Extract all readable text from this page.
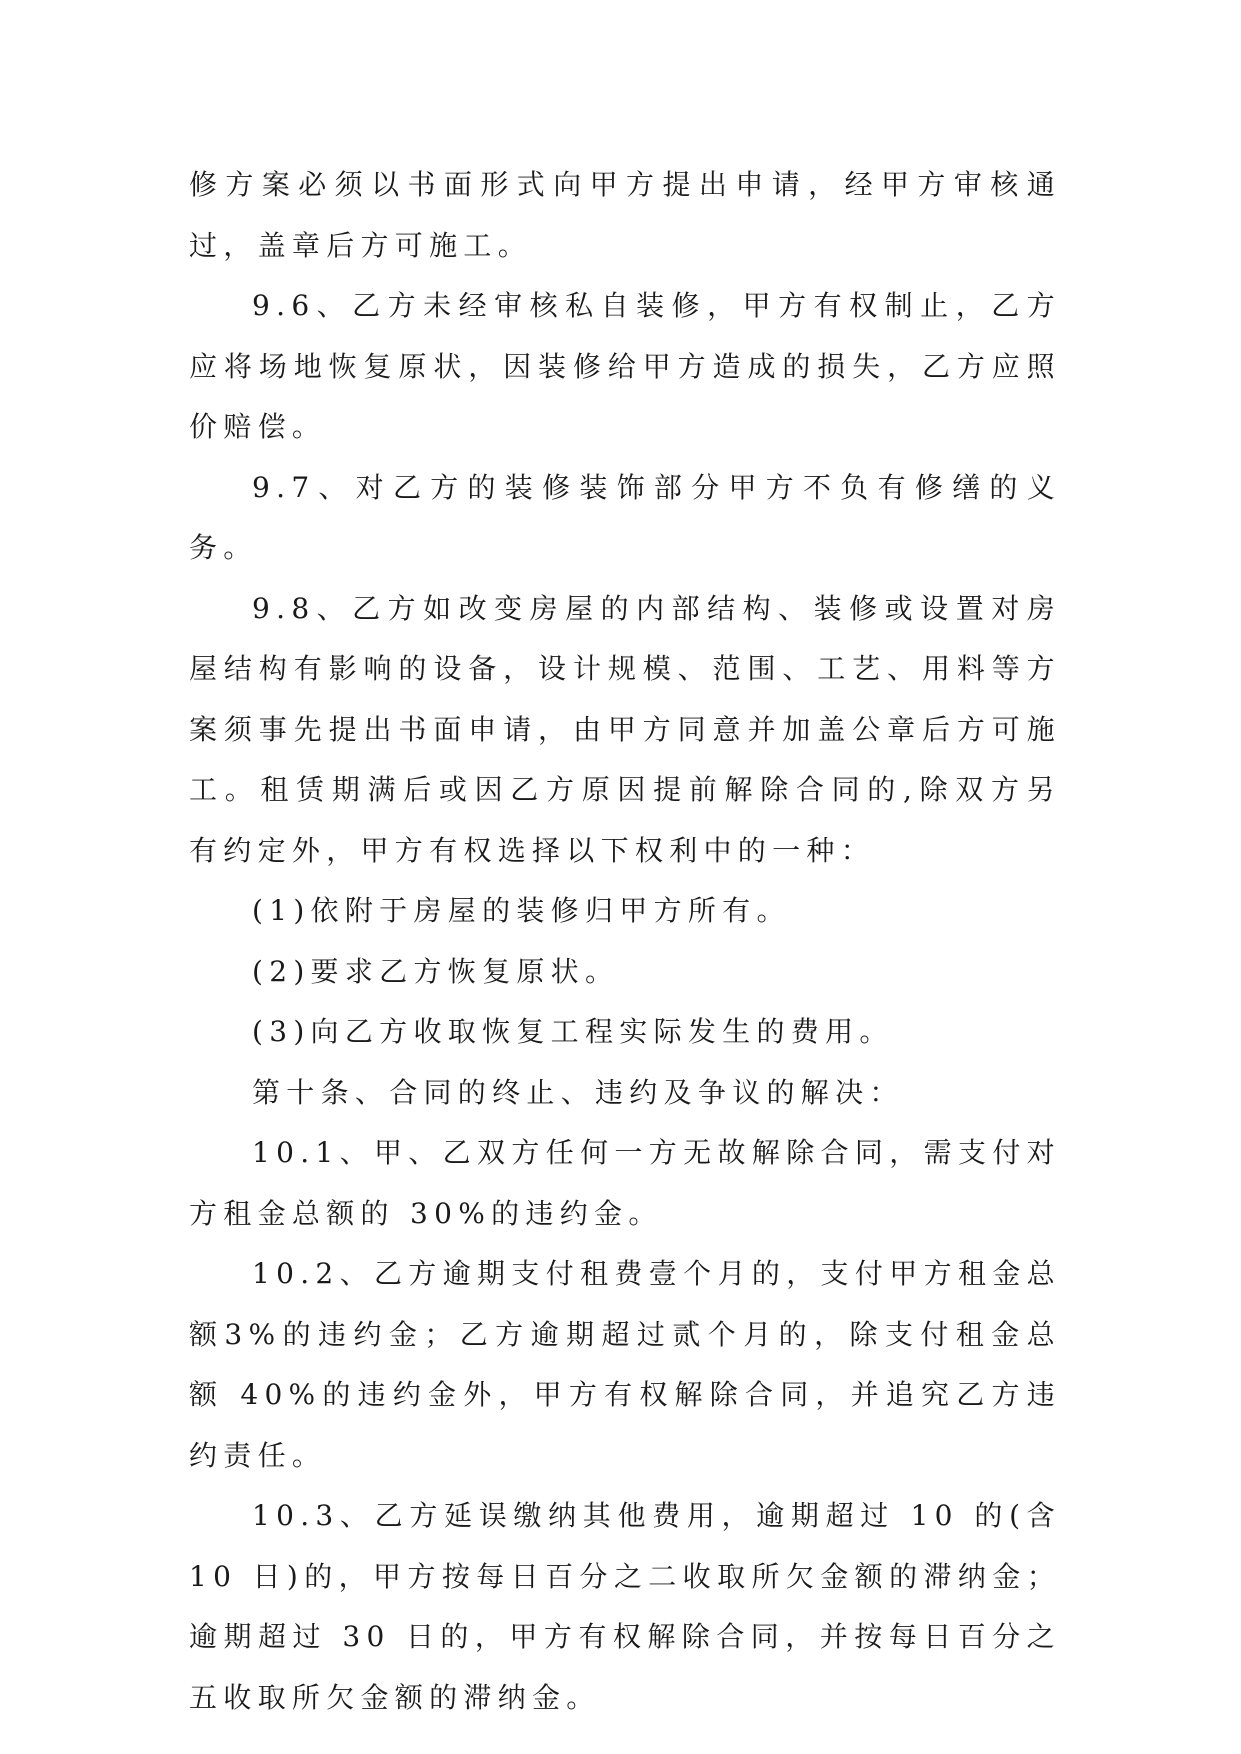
修方案必须以书面形式向甲方提出申请，经甲方审核通过，盖章后方可施工。

9.6、乙方未经审核私自装修，甲方有权制止，乙方应将场地恢复原状，因装修给甲方造成的损失，乙方应照价赔偿。

9.7、对乙方的装修装饰部分甲方不负有修缮的义务。

9.8、乙方如改变房屋的内部结构、装修或设置对房屋结构有影响的设备，设计规模、范围、工艺、用料等方案须事先提出书面申请，由甲方同意并加盖公章后方可施工。租赁期满后或因乙方原因提前解除合同的,除双方另有约定外，甲方有权选择以下权利中的一种：

(1)依附于房屋的装修归甲方所有。

(2)要求乙方恢复原状。

(3)向乙方收取恢复工程实际发生的费用。

第十条、合同的终止、违约及争议的解决：

10.1、甲、乙双方任何一方无故解除合同，需支付对方租金总额的 30%的违约金。

10.2、乙方逾期支付租费壹个月的，支付甲方租金总额3%的违约金；乙方逾期超过贰个月的，除支付租金总额 40%的违约金外，甲方有权解除合同，并追究乙方违约责任。

10.3、乙方延误缴纳其他费用，逾期超过 10 的(含 10 日)的，甲方按每日百分之二收取所欠金额的滞纳金；逾期超过 30 日的，甲方有权解除合同，并按每日百分之五收取所欠金额的滞纳金。
